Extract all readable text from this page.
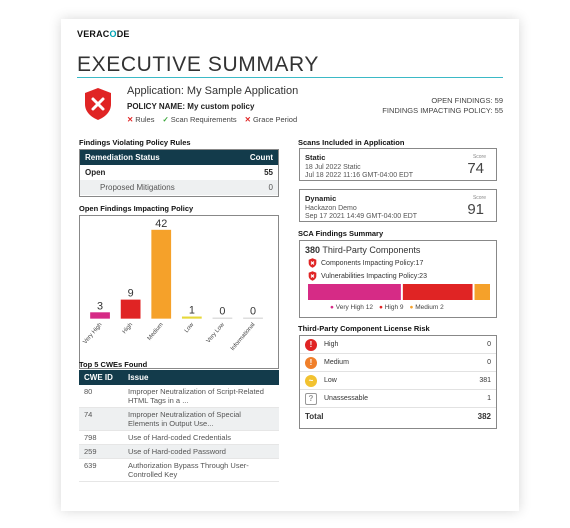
VERACODE
EXECUTIVE SUMMARY
Application: My Sample Application
POLICY NAME: My custom policy
✕ Rules ✓ Scan Requirements ✕ Grace Period
OPEN FINDINGS: 59
FINDINGS IMPACTING POLICY: 55
Findings Violating Policy Rules
Remediation Status	Count
Open	55
Proposed Mitigations	0
Open Findings Impacting Policy
3
Very High
9
High
42
Medium
1
Low
0
Very Low
0
Informational
Top 5 CWEs Found
CWE ID	Issue
80	Improper Neutralization of Script-Related HTML Tags in a ...
74	Improper Neutralization of Special Elements in Output Use...
798	Use of Hard-coded Credentials
259	Use of Hard-coded Password
639	Authorization Bypass Through User-Controlled Key
Scans Included in Application
Static
18 Jul 2022 Static
Jul 18 2022 11:16 GMT-04:00 EDT
Score
74
Dynamic
Hackazon Demo
Sep 17 2021 14:49 GMT-04:00 EDT
Score
91
SCA Findings Summary
380 Third-Party Components
Components Impacting Policy:17
Vulnerabilities Impacting Policy:23
● Very High 12 ● High 9 ● Medium 2
Third-Party Component License Risk
!	High	0
!	Medium	0
~	Low	381
?	Unassessable	1
Total	382
